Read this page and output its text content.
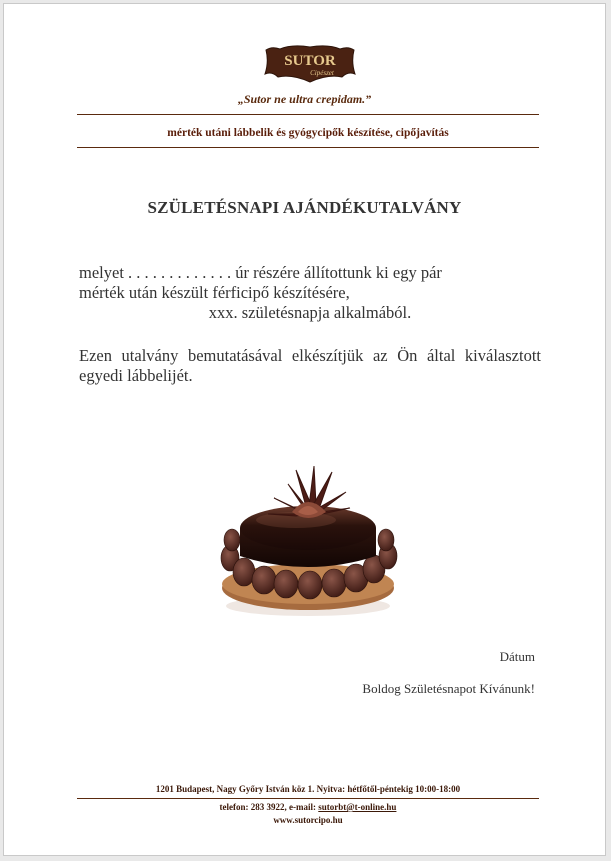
SUTOR
Cipészet
„Sutor ne ultra crepidam.”
mérték utáni lábbelik és gyógycipők készítése, cipőjavítás
SZÜLETÉSNAPI AJÁNDÉKUTALVÁNY
melyet . . . . . . . . . . . . . úr részére állítottunk ki egy pár
mérték után készült férficipő készítésére,
xxx. születésnapja alkalmából.
Ezen utalvány bemutatásával elkészítjük az Ön által kiválasztott egyedi lábbelijét.
Dátum
Boldog Születésnapot Kívánunk!
1201 Budapest, Nagy Győry István köz 1. Nyitva: hétfőtől-péntekig 10:00-18:00
telefon: 283 3922, e-mail: sutorbt@t-online.hu
www.sutorcipo.hu
